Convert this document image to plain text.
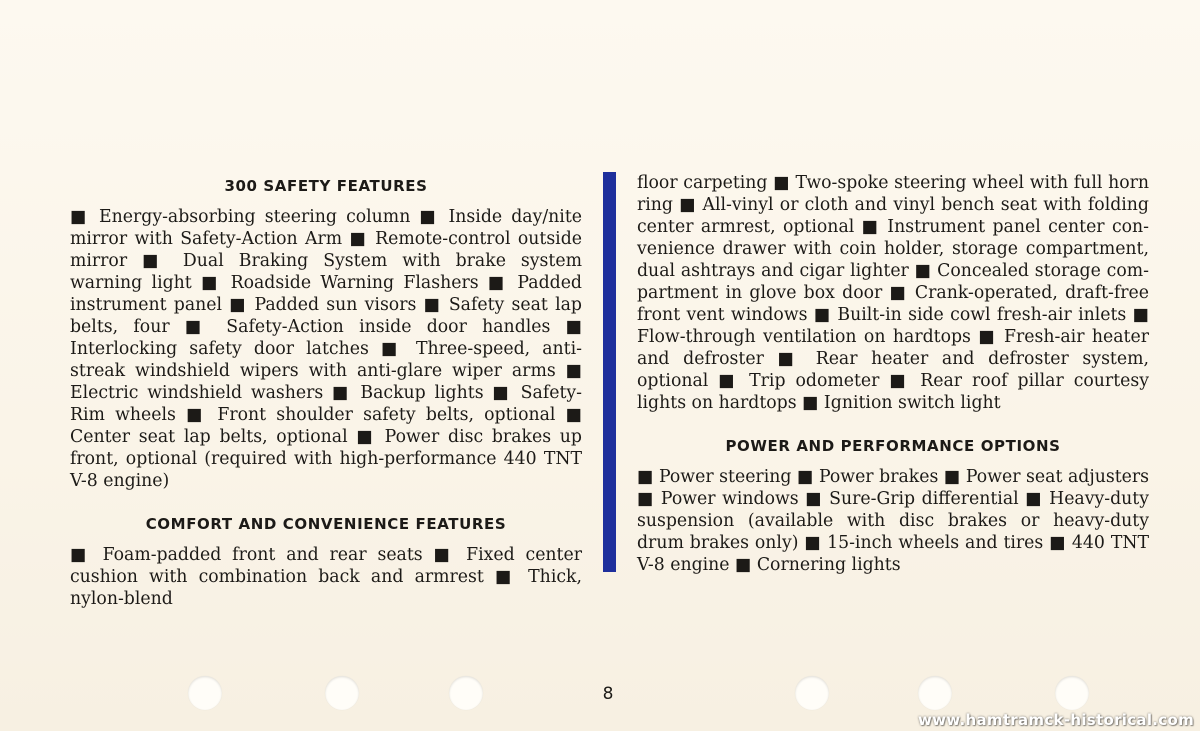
300 SAFETY FEATURES

■ Energy-absorbing steering column ■ Inside day/nite mirror with Safety-Action Arm ■ Remote-control outside mirror ■ Dual Braking System with brake system warning light ■ Roadside Warning Flashers ■ Padded instrument panel ■ Padded sun visors ■ Safety seat lap belts, four ■ Safety-Action inside door handles ■ Interlocking safety door latches ■ Three-speed, anti-streak windshield wipers with anti-glare wiper arms ■ Electric windshield washers ■ Backup lights ■ Safety-Rim wheels ■ Front shoulder safety belts, optional ■ Center seat lap belts, optional ■ Power disc brakes up front, optional (required with high-performance 440 TNT V-8 engine)

COMFORT AND CONVENIENCE FEATURES

■ Foam-padded front and rear seats ■ Fixed center cushion with combination back and armrest ■ Thick, nylon-blend

floor carpeting ■ Two-spoke steering wheel with full horn ring ■ All-vinyl or cloth and vinyl bench seat with folding center armrest, optional ■ Instrument panel center convenience drawer with coin holder, storage compartment, dual ashtrays and cigar lighter ■ Concealed storage compartment in glove box door ■ Crank-operated, draft-free front vent windows ■ Built-in side cowl fresh-air inlets ■ Flow-through ventilation on hardtops ■ Fresh-air heater and defroster ■ Rear heater and defroster system, optional ■ Trip odometer ■ Rear roof pillar courtesy lights on hardtops ■ Ignition switch light

POWER AND PERFORMANCE OPTIONS

■ Power steering ■ Power brakes ■ Power seat adjusters ■ Power windows ■ Sure-Grip differential ■ Heavy-duty suspension (available with disc brakes or heavy-duty drum brakes only) ■ 15-inch wheels and tires ■ 440 TNT V-8 engine ■ Cornering lights

8
www.hamtramck-historical.com
